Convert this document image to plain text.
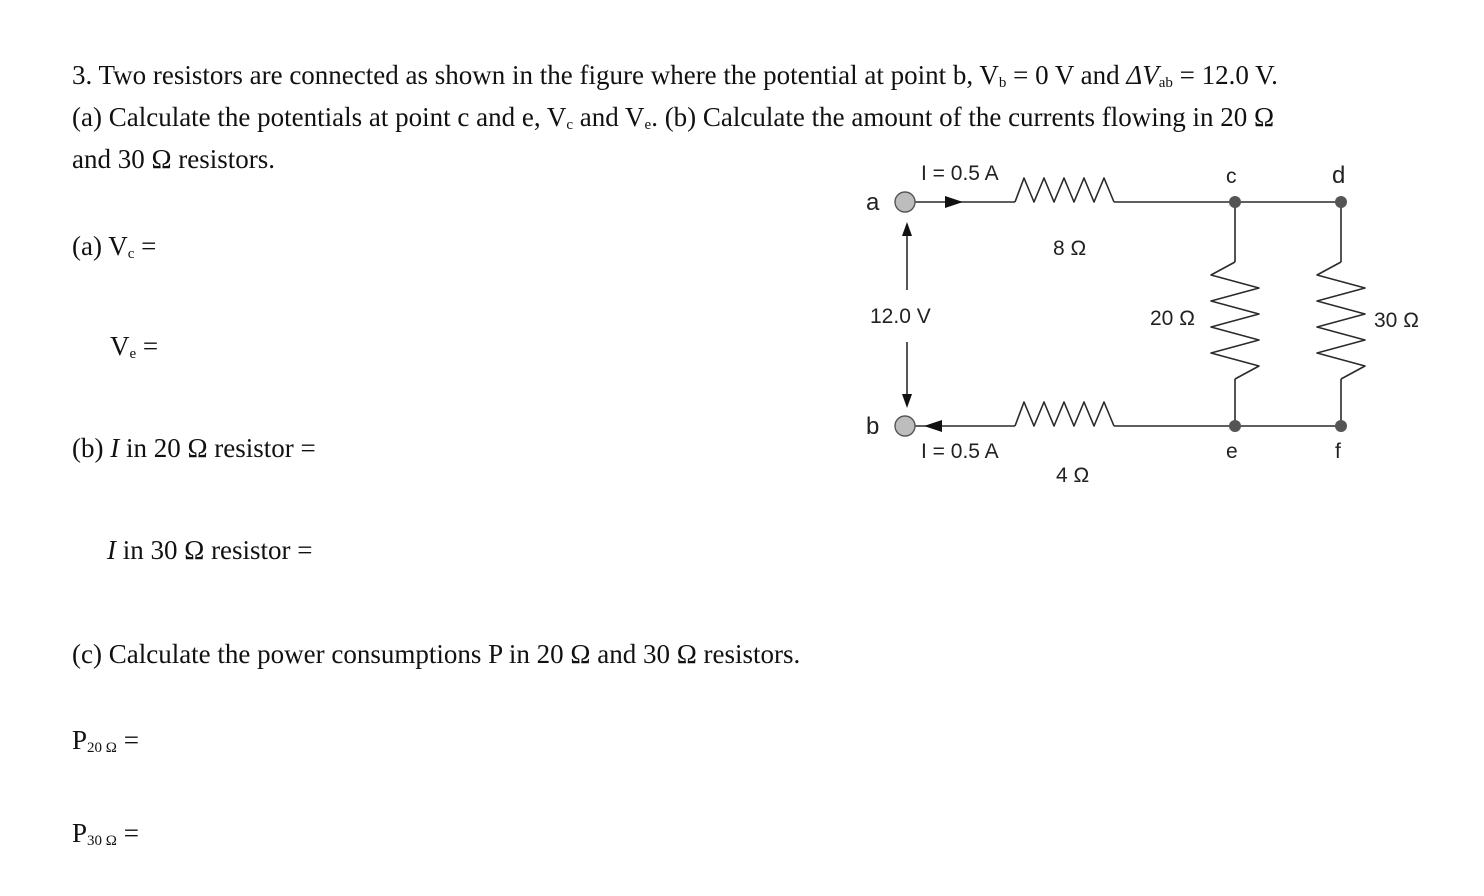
3. Two resistors are connected as shown in the figure where the potential at point b, $V_b = 0$ V and $\Delta V_{ab} = 12.0$ V.
(a) Calculate the potentials at point c and e, $V_c$ and $V_e$. (b) Calculate the amount of the currents flowing in 20 Ω
and 30 Ω resistors.

(a) $V_c$ =

$V_e$ =

(b) I in 20 Ω resistor =

I in 30 Ω resistor =

(c) Calculate the power consumptions P in 20 Ω and 30 Ω resistors.

$P_{20 \Omega}$ =

$P_{30 \Omega}$ =

a
b
c	d
e	f
I = 0.5 A
I = 0.5 A
12.0 V
8 Ω
4 Ω
20 Ω	30 Ω
